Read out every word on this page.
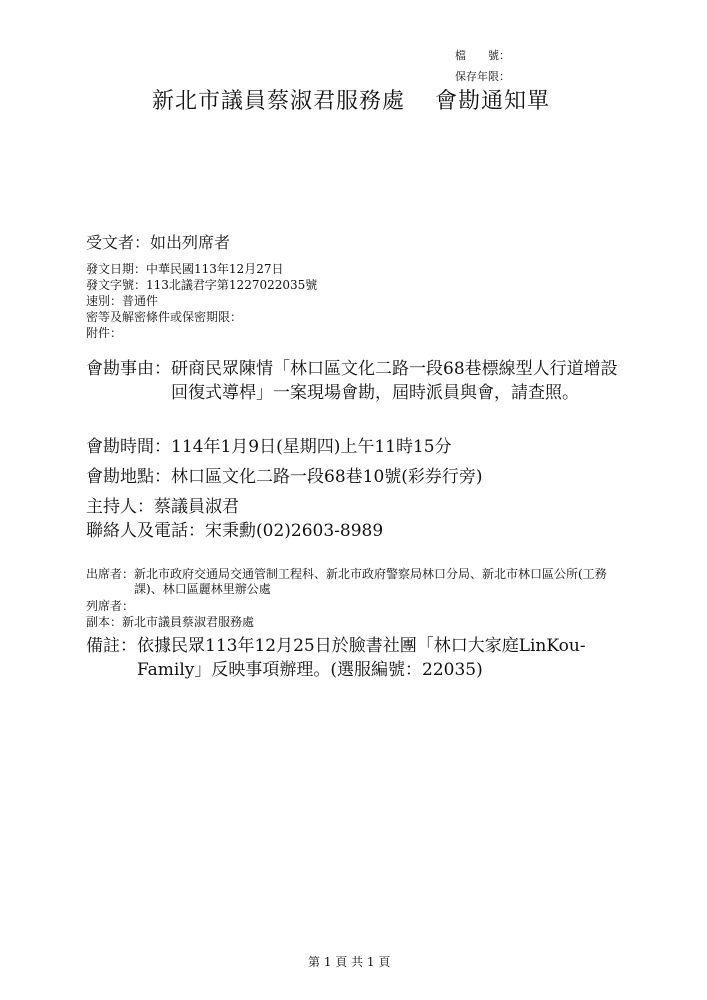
檔　　號：
保存年限：
新北市議員蔡淑君服務處 會勘通知單
受文者：如出列席者
發文日期：中華民國113年12月27日
發文字號：113北議君字第1227022035號
速別：普通件
密等及解密條件或保密期限：
附件：
會勘事由： 研商民眾陳情「林口區文化二路一段68巷標線型人行道增設回復式導桿」一案現場會勘，屆時派員與會，請查照。
會勘時間：114年1月9日(星期四)上午11時15分
會勘地點：林口區文化二路一段68巷10號(彩券行旁)
主持人：蔡議員淑君
聯絡人及電話：宋秉勳(02)2603-8989
出席者： 新北市政府交通局交通管制工程科、新北市政府警察局林口分局、新北市林口區公所(工務課)、林口區麗林里辦公處
列席者：
副本：新北市議員蔡淑君服務處
備註： 依據民眾113年12月25日於臉書社團「林口大家庭LinKou-Family」反映事項辦理。(選服編號：22035)
第 1 頁 共 1 頁
